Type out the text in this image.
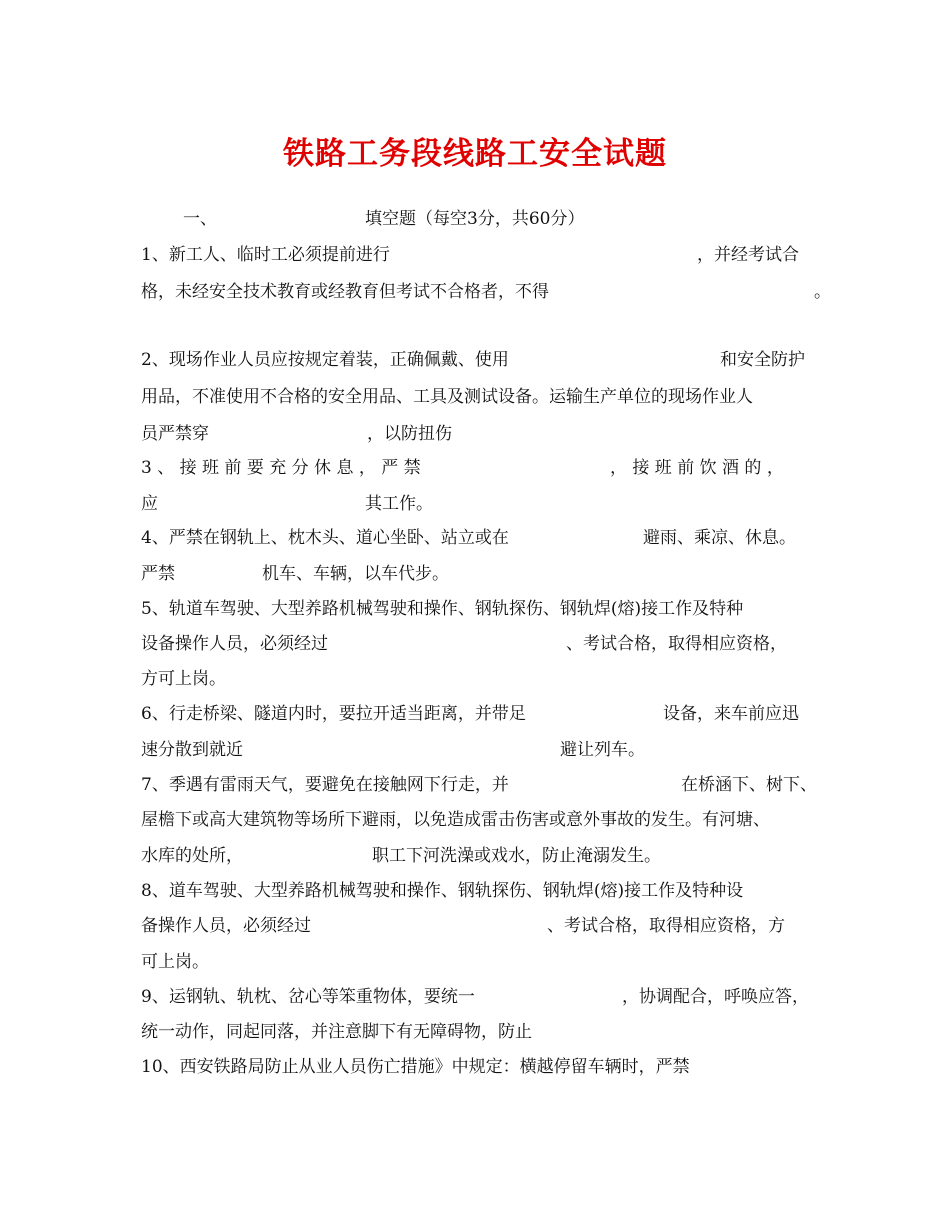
铁路工务段线路工安全试题
一、	填空题（每空3分，共60分）
1、新工人、临时工必须提前进行	，并经考试合
格，未经安全技术教育或经教育但考试不合格者，不得	。
2、现场作业人员应按规定着装，正确佩戴、使用	和安全防护
用品，不准使用不合格的安全用品、工具及测试设备。运输生产单位的现场作业人
员严禁穿	，以防扭伤
3 、 接 班 前 要 充 分 休 息 ， 严 禁	， 接 班 前 饮 酒 的 ，
应	其工作。
4、严禁在钢轨上、枕木头、道心坐卧、站立或在	避雨、乘凉、休息。
严禁	机车、车辆，以车代步。
5、轨道车驾驶、大型养路机械驾驶和操作、钢轨探伤、钢轨焊(熔)接工作及特种
设备操作人员，必须经过	、考试合格，取得相应资格，
方可上岗。
6、行走桥梁、隧道内时，要拉开适当距离，并带足	设备，来车前应迅
速分散到就近	避让列车。
7、季遇有雷雨天气，要避免在接触网下行走，并	在桥涵下、树下、
屋檐下或高大建筑物等场所下避雨，以免造成雷击伤害或意外事故的发生。有河塘、
水库的处所，	职工下河洗澡或戏水，防止淹溺发生。
8、道车驾驶、大型养路机械驾驶和操作、钢轨探伤、钢轨焊(熔)接工作及特种设
备操作人员，必须经过	、考试合格，取得相应资格，方
可上岗。
9、运钢轨、轨枕、岔心等笨重物体，要统一	，协调配合，呼唤应答，
统一动作，同起同落，并注意脚下有无障碍物，防止
10、西安铁路局防止从业人员伤亡措施》中规定：横越停留车辆时，严禁
